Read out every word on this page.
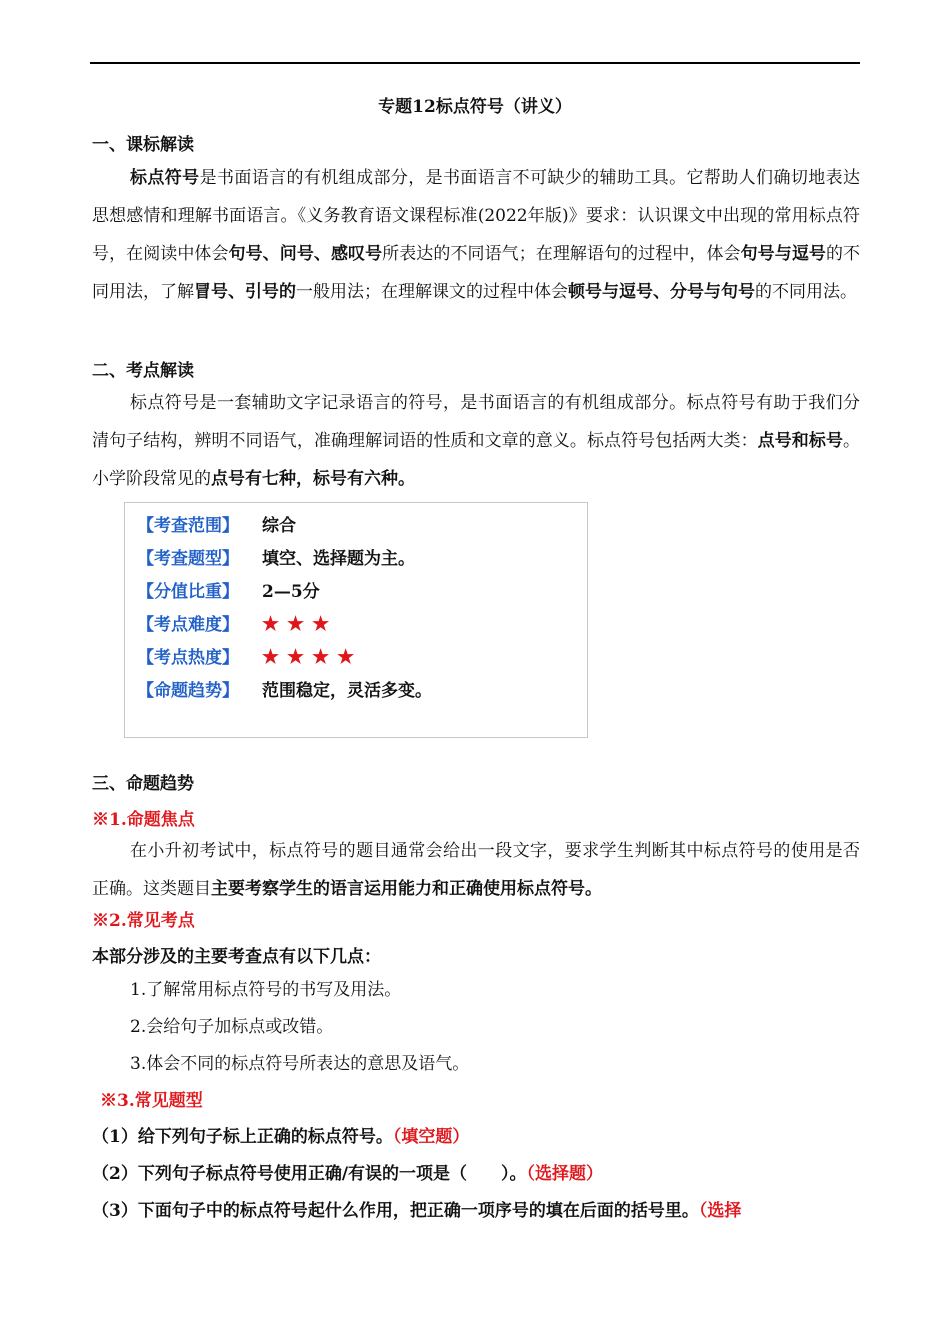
专题12标点符号（讲义）
一、课标解读
标点符号是书面语言的有机组成部分，是书面语言不可缺少的辅助工具。它帮助人们确切地表达思想感情和理解书面语言。《义务教育语文课程标准(2022年版)》要求：认识课文中出现的常用标点符号，在阅读中体会句号、问号、感叹号所表达的不同语气；在理解语句的过程中，体会句号与逗号的不同用法，了解冒号、引号的一般用法；在理解课文的过程中体会顿号与逗号、分号与句号的不同用法。
二、考点解读
标点符号是一套辅助文字记录语言的符号，是书面语言的有机组成部分。标点符号有助于我们分清句子结构，辨明不同语气，准确理解词语的性质和文章的意义。标点符号包括两大类：点号和标号。小学阶段常见的点号有七种，标号有六种。
【考查范围】 综合
【考查题型】 填空、选择题为主。
【分值比重】 2—5分
【考点难度】 ★★★
【考点热度】 ★★★★
【命题趋势】 范围稳定，灵活多变。
三、命题趋势
※1.命题焦点
在小升初考试中，标点符号的题目通常会给出一段文字，要求学生判断其中标点符号的使用是否正确。这类题目主要考察学生的语言运用能力和正确使用标点符号。
※2.常见考点
本部分涉及的主要考查点有以下几点：
1.了解常用标点符号的书写及用法。
2.会给句子加标点或改错。
3.体会不同的标点符号所表达的意思及语气。
※3.常见题型
（1）给下列句子标上正确的标点符号。（填空题）
（2）下列句子标点符号使用正确/有误的一项是（　　）。（选择题）
（3）下面句子中的标点符号起什么作用，把正确一项序号的填在后面的括号里。（选择
